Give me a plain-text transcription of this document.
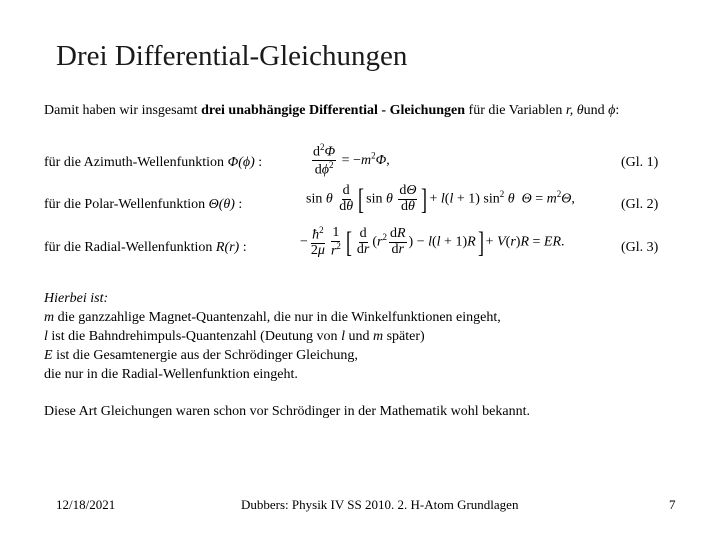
Drei Differential-Gleichungen
Damit haben wir insgesamt drei unabhängige Differential - Gleichungen für die Variablen r, θund ϕ:
für die Azimuth-Wellenfunktion Φ(ϕ) :	$\frac{d^2\Phi}{d\phi^2} = -m^2\Phi$,	(Gl. 1)
für die Polar-Wellenfunktion Θ(θ) :	sin θ $\frac{d}{d\theta}$ [ sin θ $\frac{d\Theta}{d\theta}$ ] + l(l + 1) $\sin^2 \theta$ $\Theta = m^2\Theta$,	(Gl. 2)
für die Radial-Wellenfunktion R(r) :	− $\frac{ħ^2}{2\mu} \frac{1}{r^2}$ [ $\frac{d}{dr} (r^2 \frac{dR}{dr}$ ) − l(l + 1)R] + V(r)R = ER.	(Gl. 3)
Hierbei ist:
m die ganzzahlige Magnet-Quantenzahl, die nur in die Winkelfunktionen eingeht,
l ist die Bahndrehimpuls-Quantenzahl (Deutung von l und m später)
E ist die Gesamtenergie aus der Schrödinger Gleichung,
die nur in die Radial-Wellenfunktion eingeht.
Diese Art Gleichungen waren schon vor Schrödinger in der Mathematik wohl bekannt.
12/18/2021	Dubbers: Physik IV SS 2010. 2. H-Atom Grundlagen	7
